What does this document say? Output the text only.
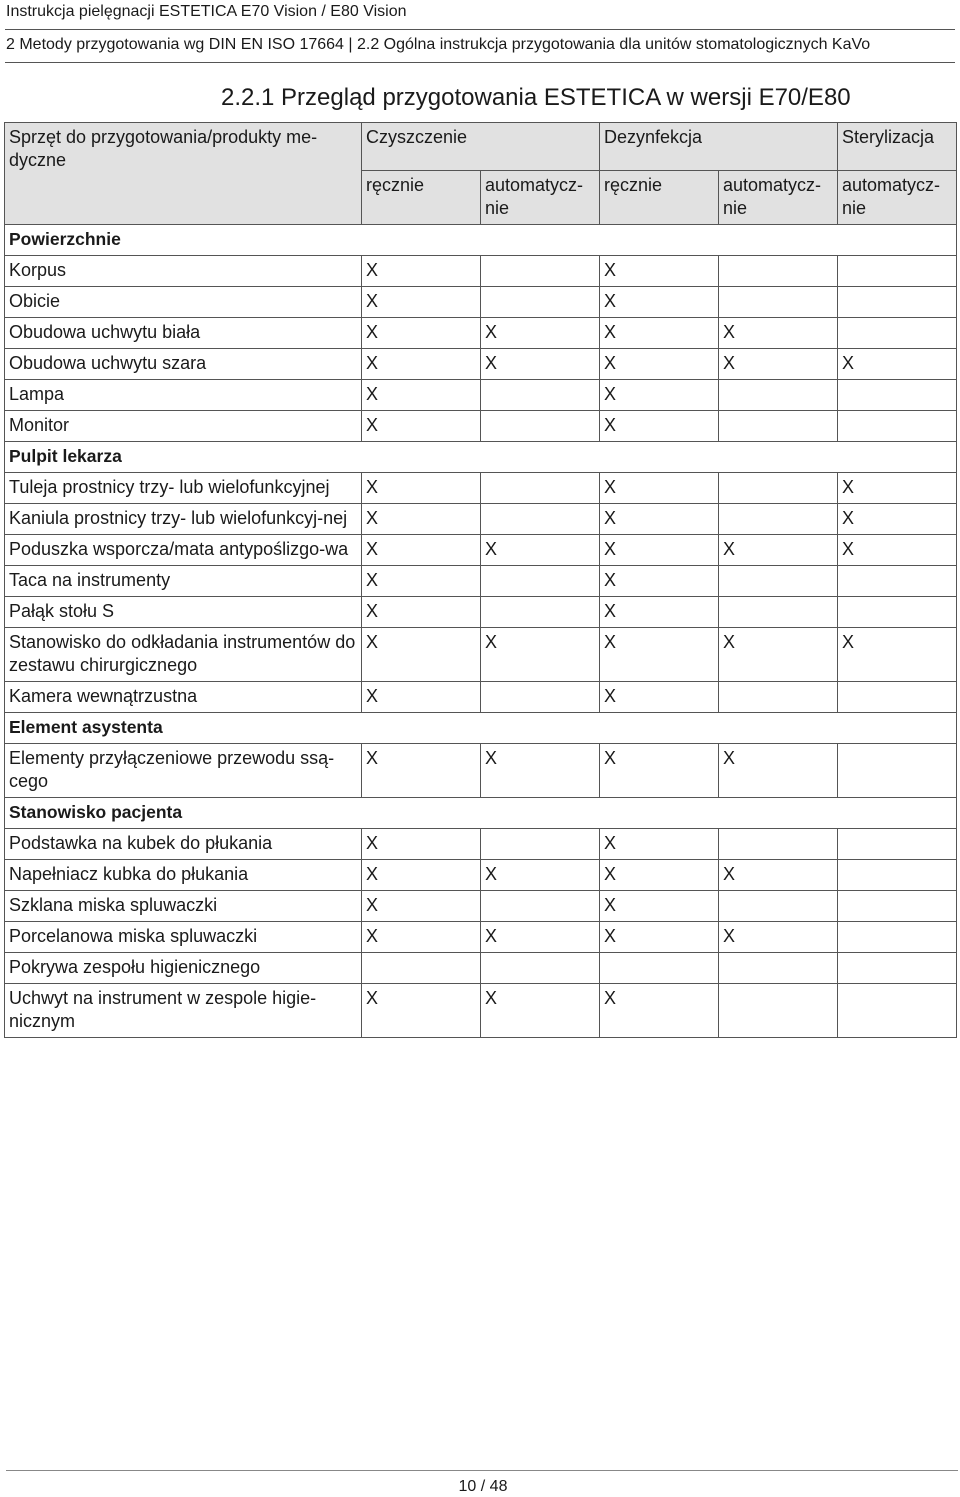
Instrukcja pielęgnacji ESTETICA E70 Vision / E80 Vision
2 Metody przygotowania wg DIN EN ISO 17664 | 2.2 Ogólna instrukcja przygotowania dla unitów stomatologicznych KaVo
2.2.1 Przegląd przygotowania ESTETICA w wersji E70/E80
Sprzęt do przygotowania/produkty me-dyczne	Czyszczenie		Dezynfekcja		Sterylizacja
	ręcznie	automatycz-nie	ręcznie	automatycz-nie	automatycz-nie
Powierzchnie					
Korpus	X		X		
Obicie	X		X		
Obudowa uchwytu biała	X	X	X	X	
Obudowa uchwytu szara	X	X	X	X	X
Lampa	X		X		
Monitor	X		X		
Pulpit lekarza					
Tuleja prostnicy trzy- lub wielofunkcyjnej	X		X		X
Kaniula prostnicy trzy- lub wielofunkcyj-nej	X		X		X
Poduszka wsporcza/mata antypoślizgo-wa	X	X	X	X	X
Taca na instrumenty	X		X		
Pałąk stołu S	X		X		
Stanowisko do odkładania instrumentów do zestawu chirurgicznego	X	X	X	X	X
Kamera wewnątrzustna	X		X		
Element asystenta					
Elementy przyłączeniowe przewodu ssą-cego	X	X	X	X	
Stanowisko pacjenta					
Podstawka na kubek do płukania	X		X		
Napełniacz kubka do płukania	X	X	X	X	
Szklana miska spluwaczki	X		X		
Porcelanowa miska spluwaczki	X	X	X	X	
Pokrywa zespołu higienicznego					
Uchwyt na instrument w zespole higie-nicznym	X	X	X		
10 / 48
